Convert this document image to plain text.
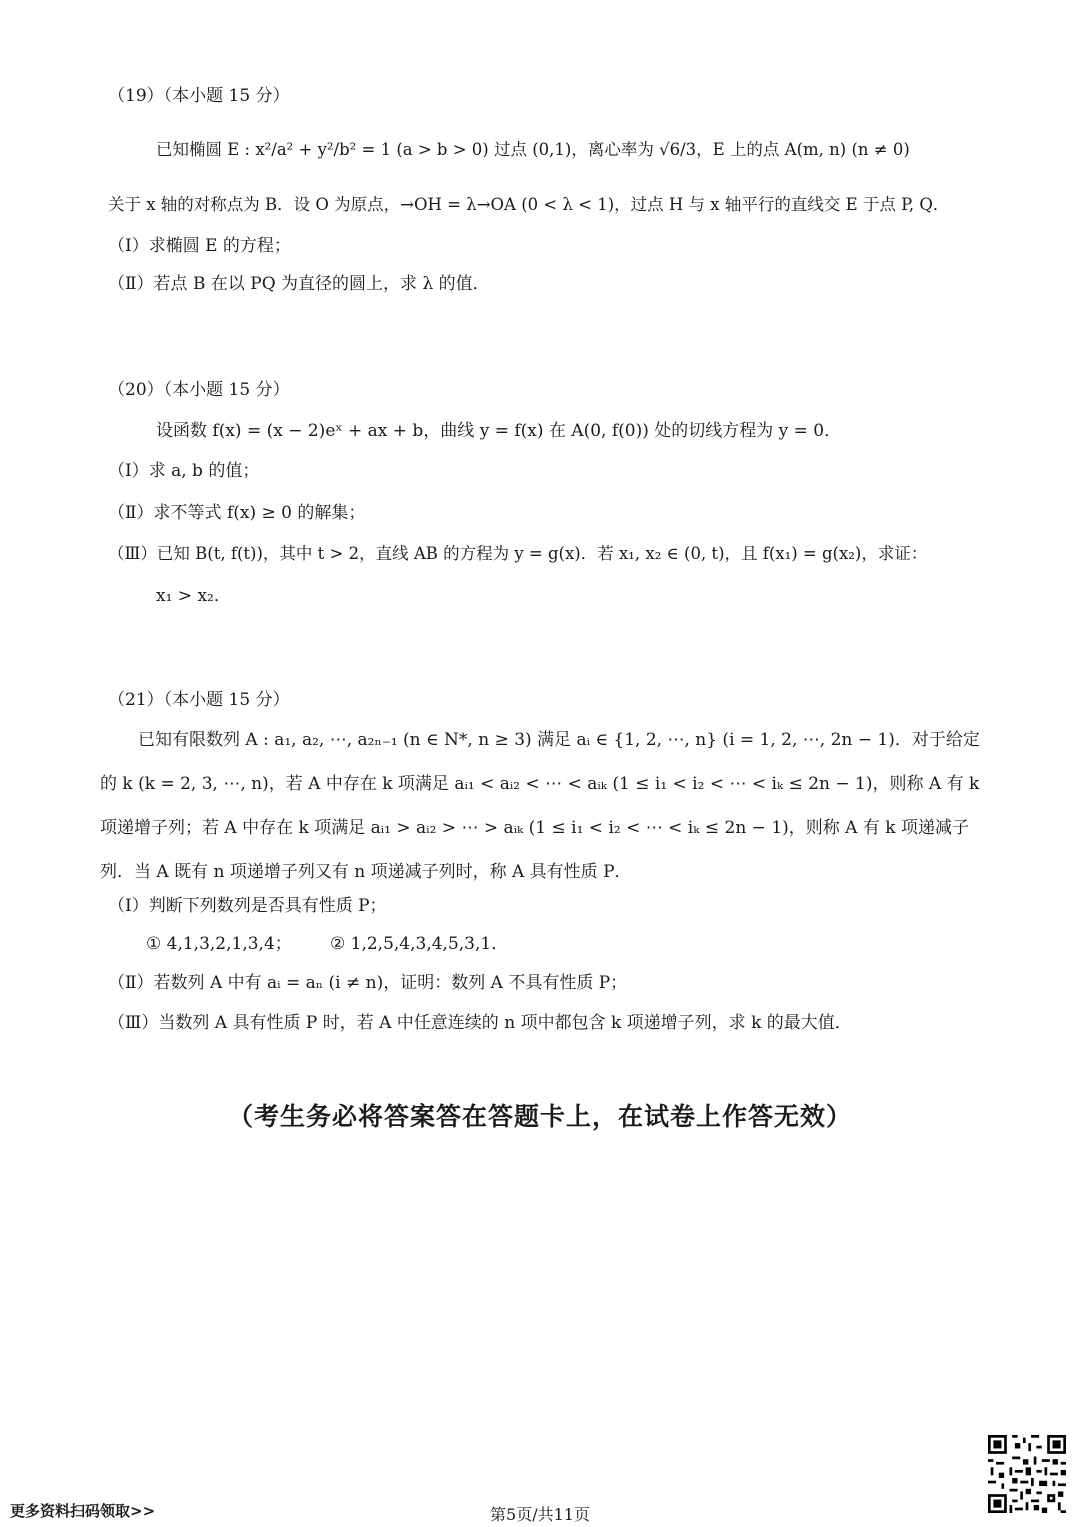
（19）（本小题 15 分）
已知椭圆 E : x²/a² + y²/b² = 1 (a > b > 0) 过点 (0,1)，离心率为 √6/3，E 上的点 A(m, n) (n ≠ 0)
关于 x 轴的对称点为 B．设 O 为原点，→OH = λ→OA (0 < λ < 1)，过点 H 与 x 轴平行的直线交 E 于点 P, Q．
（Ⅰ）求椭圆 E 的方程；
（Ⅱ）若点 B 在以 PQ 为直径的圆上，求 λ 的值．
（20）（本小题 15 分）
设函数 f(x) = (x − 2)eˣ + ax + b，曲线 y = f(x) 在 A(0, f(0)) 处的切线方程为 y = 0．
（Ⅰ）求 a, b 的值；
（Ⅱ）求不等式 f(x) ≥ 0 的解集；
（Ⅲ）已知 B(t, f(t))，其中 t > 2，直线 AB 的方程为 y = g(x)．若 x₁, x₂ ∈ (0, t)，且 f(x₁) = g(x₂)，求证：
x₁ > x₂．
（21）（本小题 15 分）
已知有限数列 A : a₁, a₂, ⋯, a₂ₙ₋₁ (n ∈ N*, n ≥ 3) 满足 aᵢ ∈ {1, 2, ⋯, n} (i = 1, 2, ⋯, 2n − 1)．对于给定的 k (k = 2, 3, ⋯, n)，若 A 中存在 k 项满足 aᵢ₁ < aᵢ₂ < ⋯ < aᵢₖ (1 ≤ i₁ < i₂ < ⋯ < iₖ ≤ 2n − 1)，则称 A 有 k 项递增子列；若 A 中存在 k 项满足 aᵢ₁ > aᵢ₂ > ⋯ > aᵢₖ (1 ≤ i₁ < i₂ < ⋯ < iₖ ≤ 2n − 1)，则称 A 有 k 项递减子列．当 A 既有 n 项递增子列又有 n 项递减子列时，称 A 具有性质 P．
（Ⅰ）判断下列数列是否具有性质 P；
① 4,1,3,2,1,3,4； ② 1,2,5,4,3,4,5,3,1．
（Ⅱ）若数列 A 中有 aᵢ = aₙ (i ≠ n)，证明：数列 A 不具有性质 P；
（Ⅲ）当数列 A 具有性质 P 时，若 A 中任意连续的 n 项中都包含 k 项递增子列，求 k 的最大值．
（考生务必将答案答在答题卡上，在试卷上作答无效）
更多资料扫码领取>>	第5页/共11页
